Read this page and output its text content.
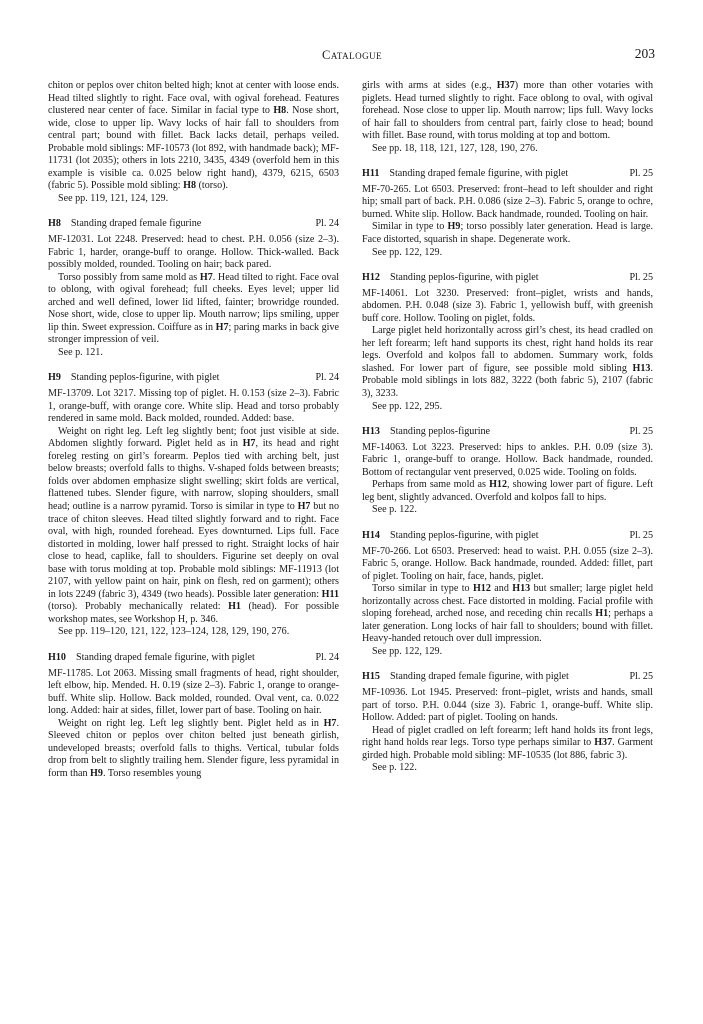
Catalogue	203

chiton or peplos over chiton belted high; knot at center with loose ends. Head tilted slightly to right. Face oval, with ogival forehead. Features clustered near center of face. Similar in facial type to H8. Nose short, wide, close to upper lip. Wavy locks of hair fall to shoulders from central part; bound with fillet. Back lacks detail, perhaps veiled. Probable mold siblings: MF-10573 (lot 892, with handmade back); MF-11731 (lot 2035); others in lots 2210, 3435, 4349 (overfold hem in this example is visible ca. 0.025 below right hand), 4379, 6215, 6503 (fabric 5). Possible mold sibling: H8 (torso).

See pp. 119, 121, 124, 129.

H8 Standing draped female figurine	Pl. 24

MF-12031. Lot 2248. Preserved: head to chest. P.H. 0.056 (size 2–3). Fabric 1, harder, orange-buff to orange. Hollow. Thick-walled. Back possibly molded, rounded. Tooling on hair; back pared.

Torso possibly from same mold as H7. Head tilted to right. Face oval to oblong, with ogival forehead; full cheeks. Eyes level; upper lid arched and well defined, lower lid lifted, fainter; browridge rounded. Nose short, wide, close to upper lip. Mouth narrow; lips smiling, upper lip thin. Sweet expression. Coiffure as in H7; paring marks in back give stronger impression of veil.

See p. 121.

H9 Standing peplos-figurine, with piglet	Pl. 24

MF-13709. Lot 3217. Missing top of piglet. H. 0.153 (size 2–3). Fabric 1, orange-buff, with orange core. White slip. Head and torso probably rendered in same mold. Back molded, rounded. Added: base.

Weight on right leg. Left leg slightly bent; foot just visible at side. Abdomen slightly forward. Piglet held as in H7, its head and right foreleg resting on girl’s forearm. Peplos tied with arching belt, just below breasts; overfold falls to thighs. V-shaped folds between breasts; folds over abdomen emphasize slight swelling; skirt folds are vertical, flattened tubes. Slender figure, with narrow, sloping shoulders, small head; outline is a narrow pyramid. Torso is similar in type to H7 but no trace of chiton sleeves. Head tilted slightly forward and to right. Face oval, with high, rounded forehead. Eyes downturned. Lips full. Face distorted in molding, lower half pressed to right. Straight locks of hair close to head, caplike, fall to shoulders. Figurine set deeply on oval base with torus molding at top. Probable mold siblings: MF-11913 (lot 2107, with yellow paint on hair, pink on flesh, red on garment); others in lots 2249 (fabric 3), 4349 (two heads). Possible later generation: H11 (torso). Probably mechanically related: H1 (head). For possible workshop mates, see Workshop H, p. 346.

See pp. 119–120, 121, 122, 123–124, 128, 129, 190, 276.

H10 Standing draped female figurine, with piglet	Pl. 24

MF-11785. Lot 2063. Missing small fragments of head, right shoulder, left elbow, hip. Mended. H. 0.19 (size 2–3). Fabric 1, orange to orange-buff. White slip. Hollow. Back molded, rounded. Oval vent, ca. 0.022 long. Added: hair at sides, fillet, lower part of base. Tooling on hair.

Weight on right leg. Left leg slightly bent. Piglet held as in H7. Sleeved chiton or peplos over chiton belted just beneath girlish, undeveloped breasts; overfold falls to thighs. Vertical, tubular folds drop from belt to slightly trailing hem. Slender figure, less pyramidal in form than H9. Torso resembles young

girls with arms at sides (e.g., H37) more than other votaries with piglets. Head turned slightly to right. Face oblong to oval, with ogival forehead. Nose close to upper lip. Mouth narrow; lips full. Wavy locks of hair fall to shoulders from central part, fairly close to head; bound with fillet. Base round, with torus molding at top and bottom.

See pp. 18, 118, 121, 127, 128, 190, 276.

H11 Standing draped female figurine, with piglet	Pl. 25

MF-70-265. Lot 6503. Preserved: front–head to left shoulder and right hip; small part of back. P.H. 0.086 (size 2–3). Fabric 5, orange to ochre, burned. White slip. Hollow. Back handmade, rounded. Tooling on hair.

Similar in type to H9; torso possibly later generation. Head is large. Face distorted, squarish in shape. Degenerate work.

See pp. 122, 129.

H12 Standing peplos-figurine, with piglet	Pl. 25

MF-14061. Lot 3230. Preserved: front–piglet, wrists and hands, abdomen. P.H. 0.048 (size 3). Fabric 1, yellowish buff, with greenish buff core. Hollow. Tooling on piglet, folds.

Large piglet held horizontally across girl’s chest, its head cradled on her left forearm; left hand supports its chest, right hand holds its rear legs. Overfold and kolpos fall to abdomen. Summary work, folds slashed. For lower part of figure, see possible mold sibling H13. Probable mold siblings in lots 882, 3222 (both fabric 5), 2107 (fabric 3), 3233.

See pp. 122, 295.

H13 Standing peplos-figurine	Pl. 25

MF-14063. Lot 3223. Preserved: hips to ankles. P.H. 0.09 (size 3). Fabric 1, orange-buff to orange. Hollow. Back handmade, rounded. Bottom of rectangular vent preserved, 0.025 wide. Tooling on folds.

Perhaps from same mold as H12, showing lower part of figure. Left leg bent, slightly advanced. Overfold and kolpos fall to hips.

See p. 122.

H14 Standing peplos-figurine, with piglet	Pl. 25

MF-70-266. Lot 6503. Preserved: head to waist. P.H. 0.055 (size 2–3). Fabric 5, orange. Hollow. Back handmade, rounded. Added: fillet, part of piglet. Tooling on hair, face, hands, piglet.

Torso similar in type to H12 and H13 but smaller; large piglet held horizontally across chest. Face distorted in molding. Facial profile with sloping forehead, arched nose, and receding chin recalls H1; perhaps a later generation. Long locks of hair fall to shoulders; bound with fillet. Heavy-handed retouch over dull impression.

See pp. 122, 129.

H15 Standing draped female figurine, with piglet	Pl. 25

MF-10936. Lot 1945. Preserved: front–piglet, wrists and hands, small part of torso. P.H. 0.044 (size 3). Fabric 1, orange-buff. White slip. Hollow. Added: part of piglet. Tooling on hands.

Head of piglet cradled on left forearm; left hand holds its front legs, right hand holds rear legs. Torso type perhaps similar to H37. Garment girded high. Probable mold sibling: MF-10535 (lot 886, fabric 3).

See p. 122.
